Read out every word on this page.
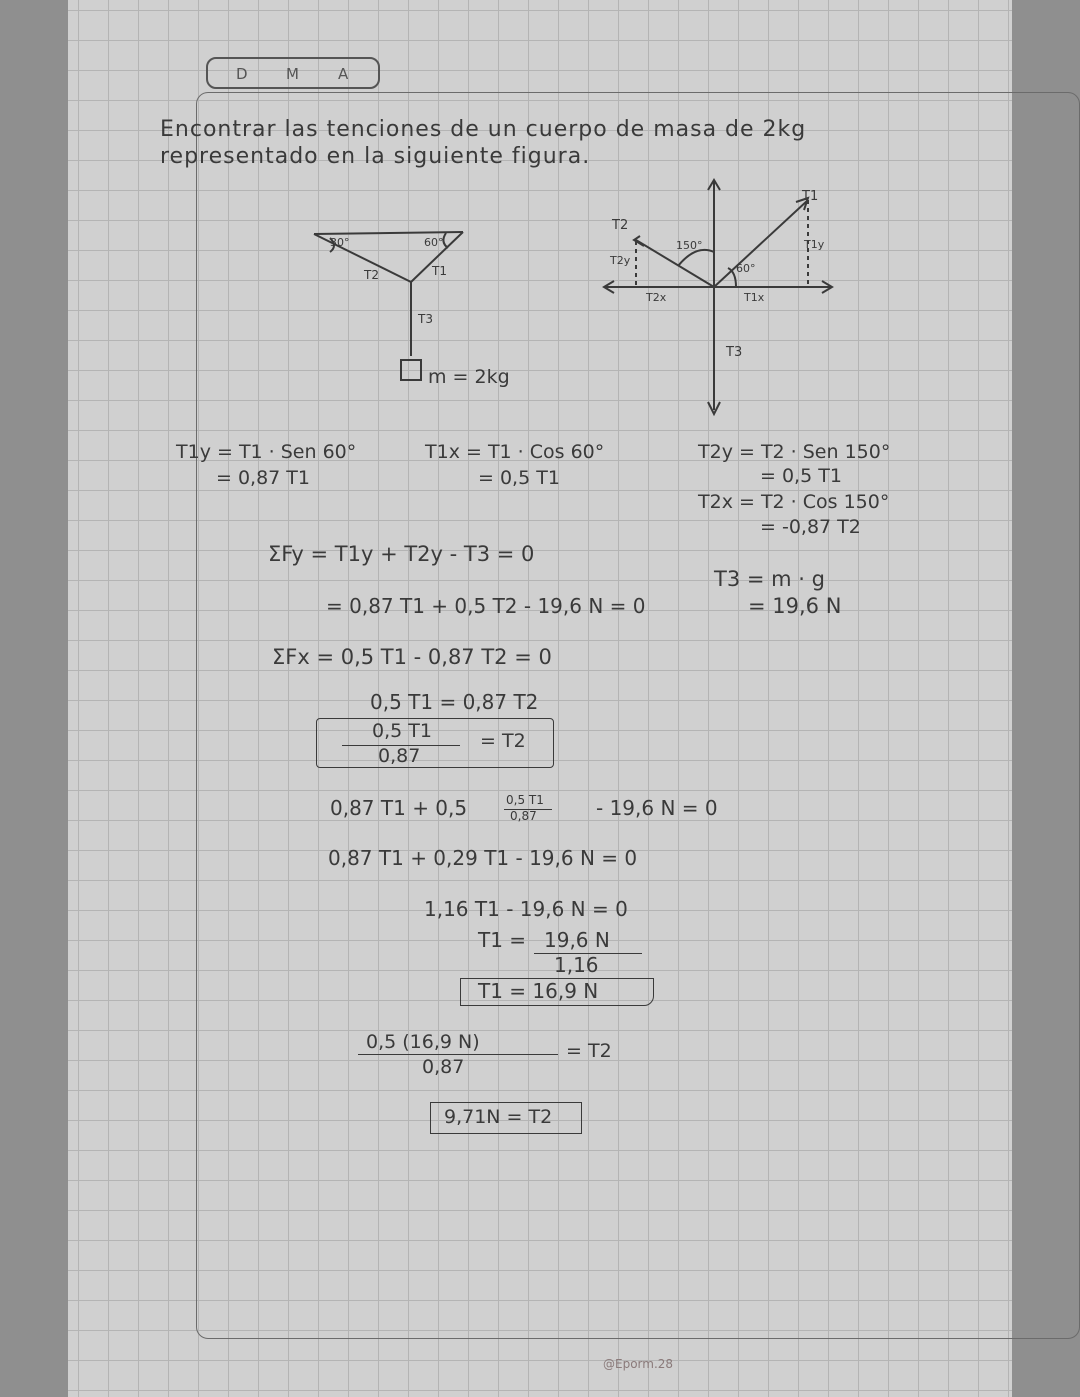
D	M	A
Encontrar las tenciones de un cuerpo de masa de 2kg
representado en la siguiente figura.
30°	60°
T2	T1
T3
m = 2kg
T1
T1y
T1x
T2
T2y
T2x
T3
150°
60°
T1y = T1 · Sen 60°
= 0,87 T1
T1x = T1 · Cos 60°
= 0,5 T1
T2y = T2 · Sen 150°
= 0,5 T1
T2x = T2 · Cos 150°
= -0,87 T2
T3 = m · g
= 19,6 N
ΣFy = T1y + T2y - T3 = 0
= 0,87 T1 + 0,5 T2 - 19,6 N = 0
ΣFx = 0,5 T1 - 0,87 T2 = 0
0,5 T1 = 0,87 T2
0,5 T1
0,87
= T2
0,87 T1 + 0,5	0,5 T1
0,87	- 19,6 N = 0
0,87 T1 + 0,29 T1 - 19,6 N = 0
1,16 T1 - 19,6 N = 0
T1 = 19,6 N
1,16
T1 = 16,9 N
0,5 (16,9 N)
0,87
= T2
9,71N = T2
@Eporm.28
